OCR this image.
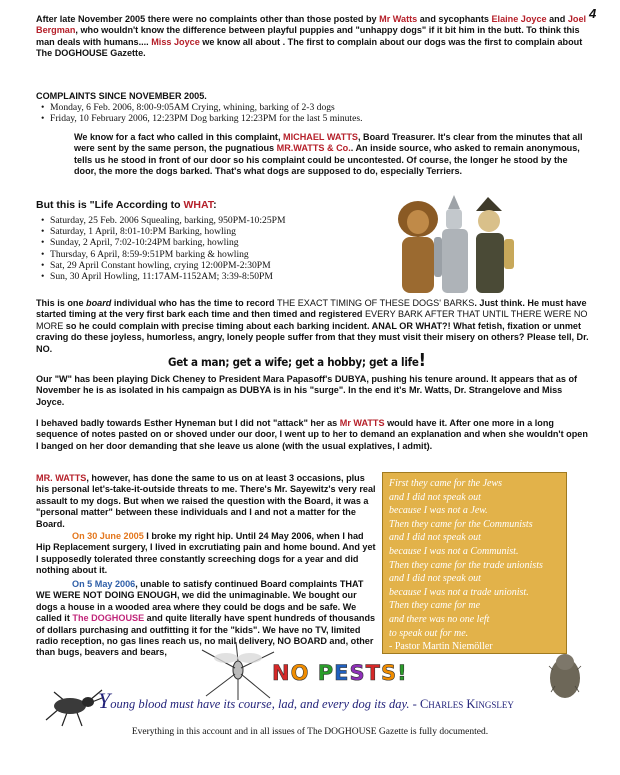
4
After late November 2005 there were no complaints other than those posted by Mr Watts and sycophants Elaine Joyce and Joel Bergman, who wouldn't know the difference between playful puppies and "unhappy dogs" if it bit him in the butt. To think this man deals with humans.... Miss Joyce we know all about . The first to complain about our dogs was the first to complain about The DOGHOUSE Gazette.
COMPLAINTS SINCE NOVEMBER 2005.
• Monday, 6 Feb. 2006, 8:00-9:05AM Crying, whining, barking of 2-3 dogs
• Friday, 10 February 2006, 12:23PM Dog barking 12:23PM for the last 5 minutes.
We know for a fact who called in this complaint, MICHAEL WATTS, Board Treasurer. It's clear from the minutes that all were sent by the same person, the pugnatious MR.WATTS & Co.. An inside source, who asked to remain anonymous, tells us he stood in front of our door so his complaint could be uncontested. Of course, the longer he stood by the door, the more the dogs barked. That's what dogs are supposed to do, especially Terriers.
But this is "Life According to WHAT:
• Saturday, 25 Feb. 2006 Squealing, barking, 950PM-10:25PM
• Saturday, 1 April, 8:01-10:PM Barking, howling
• Sunday, 2 April, 7:02-10:24PM barking, howling
• Thursday, 6 April, 8:59-9:51PM barking & howling
• Sat, 29 April Constant howling, crying 12:00PM-2:30PM
• Sun, 30 April Howling, 11:17AM-1152AM; 3:39-8:50PM
This is one board individual who has the time to record THE EXACT TIMING OF THESE DOGS' BARKS. Just think. He must have started timing at the very first bark each time and then timed and registered EVERY BARK AFTER THAT UNTIL THERE WERE NO MORE so he could complain with precise timing about each barking incident. ANAL OR WHAT?! What fetish, fixation or unmet craving do these joyless, humorless, angry, lonely people suffer from that they must visit their misery on others? Please tell, Dr. NO.
Get a man; get a wife; get a hobby; get a life!
Our "W" has been playing Dick Cheney to President Mara Papasoff's DUBYA, pushing his tenure around. It appears that as of November he is as isolated in his campaign as DUBYA is in his "surge". In the end it's Mr. Watts, Dr. Strangelove and Miss Joyce.
I behaved badly towards Esther Hyneman but I did not "attack" her as Mr WATTS would have it. After one more in a long sequence of notes pasted on or shoved under our door, I went up to her to demand an explanation and when she wouldn't open I banged on her door demanding that she leave us alone (with the usual explatives, I admit).
MR. WATTS, however, has done the same to us on at least 3 occasions, plus his personal let's-take-it-outside threats to me. There's Mr. Sayewitz's very real assault to my dogs. But when we raised the question with the Board, it was a "personal matter" between these individuals and I and not a matter for the Board.
On 30 June 2005 I broke my right hip. Until 24 May 2006, when I had Hip Replacement surgery, I lived in excrutiating pain and home bound. And yet I supposedly tolerated three constantly screeching dogs for a year and did nothing about it.
On 5 May 2006, unable to satisfy continued Board complaints THAT WE WERE NOT DOING ENOUGH, we did the unimaginable. We bought our dogs a house in a wooded area where they could be dogs and be safe. We called it The DOGHOUSE and quite literally have spent hundreds of thousands of dollars purchasing and outfitting it for the "kids". We have no TV, limited radio reception, no gas lines reach us, no mail delivery, NO BOARD and, other than bugs, beavers and bears,
First they came for the Jews
and I did not speak out
because I was not a Jew.
Then they came for the Communists
and I did not speak out
because I was not a Communist.
Then they came for the trade unionists
and I did not speak out
because I was not a trade unionist.
Then they came for me
and there was no one left
to speak out for me.
- Pastor Martin Niemöller
NO PESTS!
Young blood must have its course, lad, and every dog its day. - Charles Kingsley
Everything in this account and in all issues of The DOGHOUSE Gazette is fully documented.
